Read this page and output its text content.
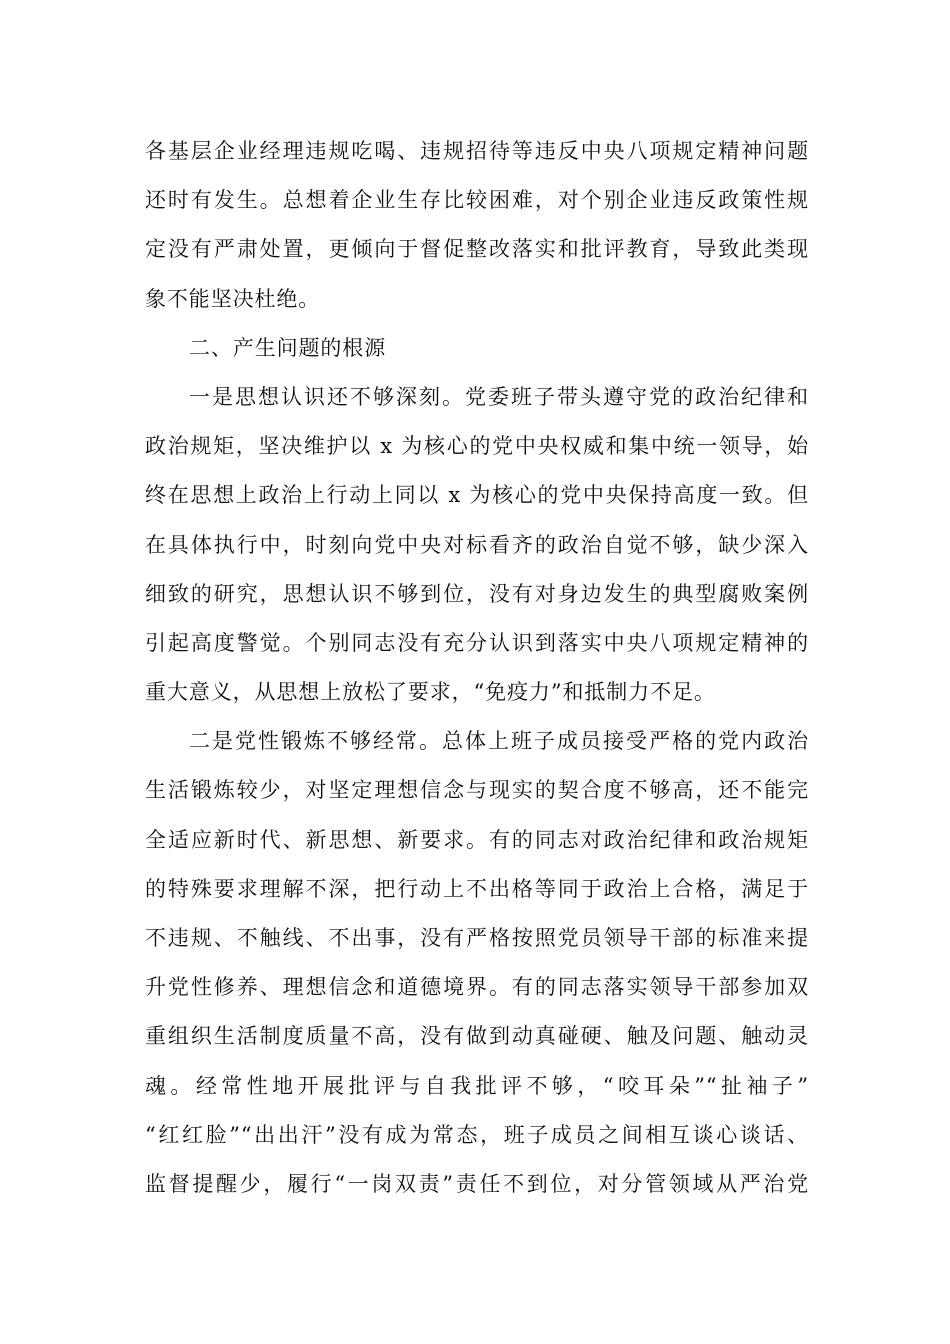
各基层企业经理违规吃喝、违规招待等违反中央八项规定精神问题
还时有发生。总想着企业生存比较困难，对个别企业违反政策性规
定没有严肃处置，更倾向于督促整改落实和批评教育，导致此类现
象不能坚决杜绝。
二、产生问题的根源
一是思想认识还不够深刻。党委班子带头遵守党的政治纪律和
政治规矩，坚决维护以 x 为核心的党中央权威和集中统一领导，始
终在思想上政治上行动上同以 x 为核心的党中央保持高度一致。但
在具体执行中，时刻向党中央对标看齐的政治自觉不够，缺少深入
细致的研究，思想认识不够到位，没有对身边发生的典型腐败案例
引起高度警觉。个别同志没有充分认识到落实中央八项规定精神的
重大意义，从思想上放松了要求，“免疫力”和抵制力不足。
二是党性锻炼不够经常。总体上班子成员接受严格的党内政治
生活锻炼较少，对坚定理想信念与现实的契合度不够高，还不能完
全适应新时代、新思想、新要求。有的同志对政治纪律和政治规矩
的特殊要求理解不深，把行动上不出格等同于政治上合格，满足于
不违规、不触线、不出事，没有严格按照党员领导干部的标准来提
升党性修养、理想信念和道德境界。有的同志落实领导干部参加双
重组织生活制度质量不高，没有做到动真碰硬、触及问题、触动灵
魂。经常性地开展批评与自我批评不够，“咬耳朵”“扯袖子”
“红红脸”“出出汗”没有成为常态，班子成员之间相互谈心谈话、
监督提醒少，履行“一岗双责”责任不到位，对分管领域从严治党
